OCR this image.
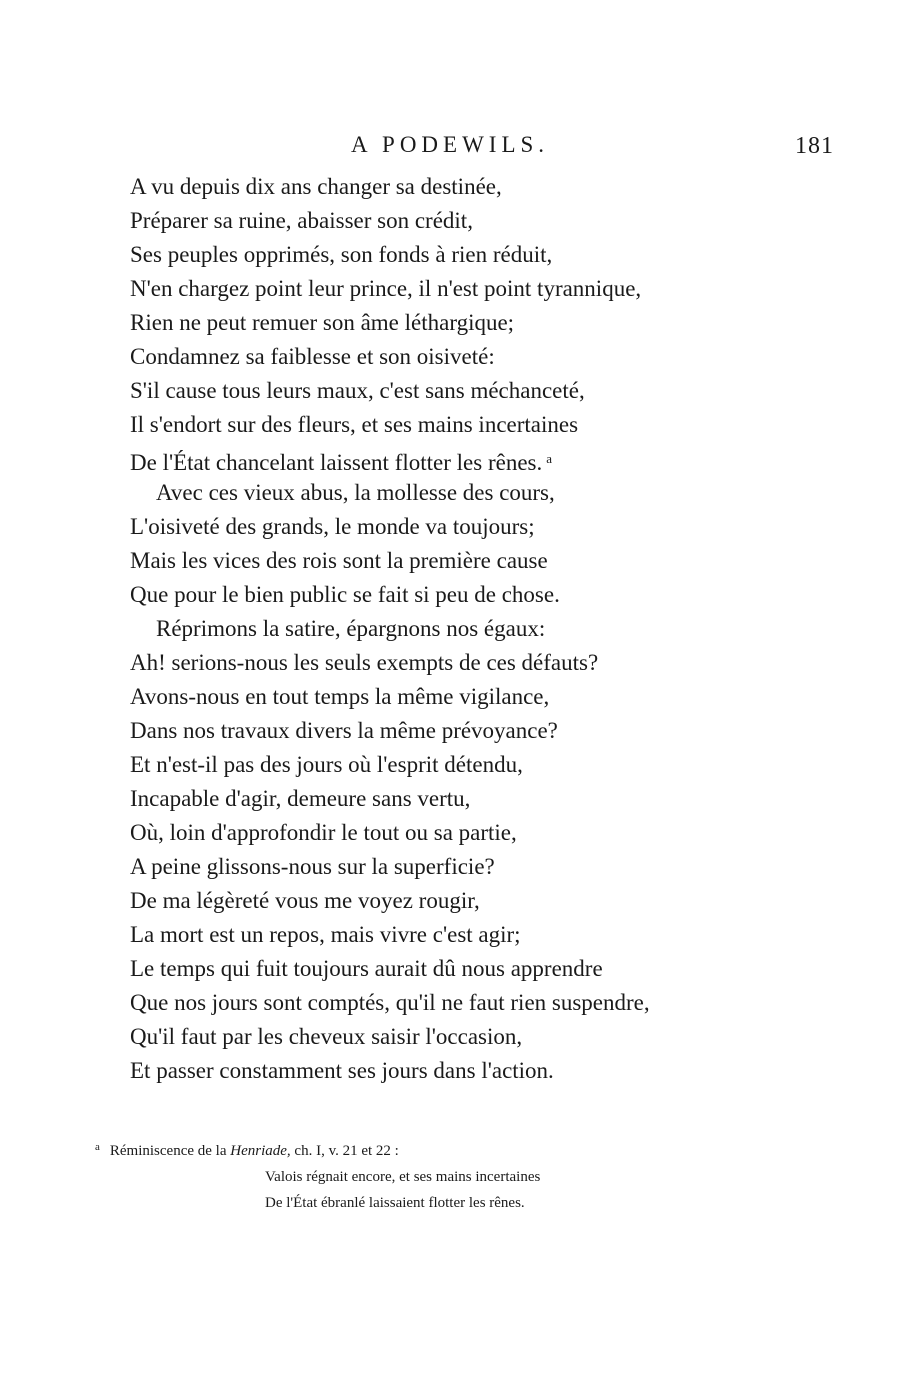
A PODEWILS.	181
A vu depuis dix ans changer sa destinée,
Préparer sa ruine, abaisser son crédit,
Ses peuples opprimés, son fonds à rien réduit,
N'en chargez point leur prince, il n'est point tyrannique,
Rien ne peut remuer son âme léthargique;
Condamnez sa faiblesse et son oisiveté:
S'il cause tous leurs maux, c'est sans méchanceté,
Il s'endort sur des fleurs, et ses mains incertaines
De l'État chancelant laissent flotter les rênes. $^a$
Avec ces vieux abus, la mollesse des cours,
L'oisiveté des grands, le monde va toujours;
Mais les vices des rois sont la première cause
Que pour le bien public se fait si peu de chose.
Réprimons la satire, épargnons nos égaux:
Ah! serions-nous les seuls exempts de ces défauts?
Avons-nous en tout temps la même vigilance,
Dans nos travaux divers la même prévoyance?
Et n'est-il pas des jours où l'esprit détendu,
Incapable d'agir, demeure sans vertu,
Où, loin d'approfondir le tout ou sa partie,
A peine glissons-nous sur la superficie?
De ma légèreté vous me voyez rougir,
La mort est un repos, mais vivre c'est agir;
Le temps qui fuit toujours aurait dû nous apprendre
Que nos jours sont comptés, qu'il ne faut rien suspendre,
Qu'il faut par les cheveux saisir l'occasion,
Et passer constamment ses jours dans l'action.
$^a$ Réminiscence de la Henriade, ch. I, v. 21 et 22 :
Valois régnait encore, et ses mains incertaines
De l'État ébranlé laissaient flotter les rênes.
